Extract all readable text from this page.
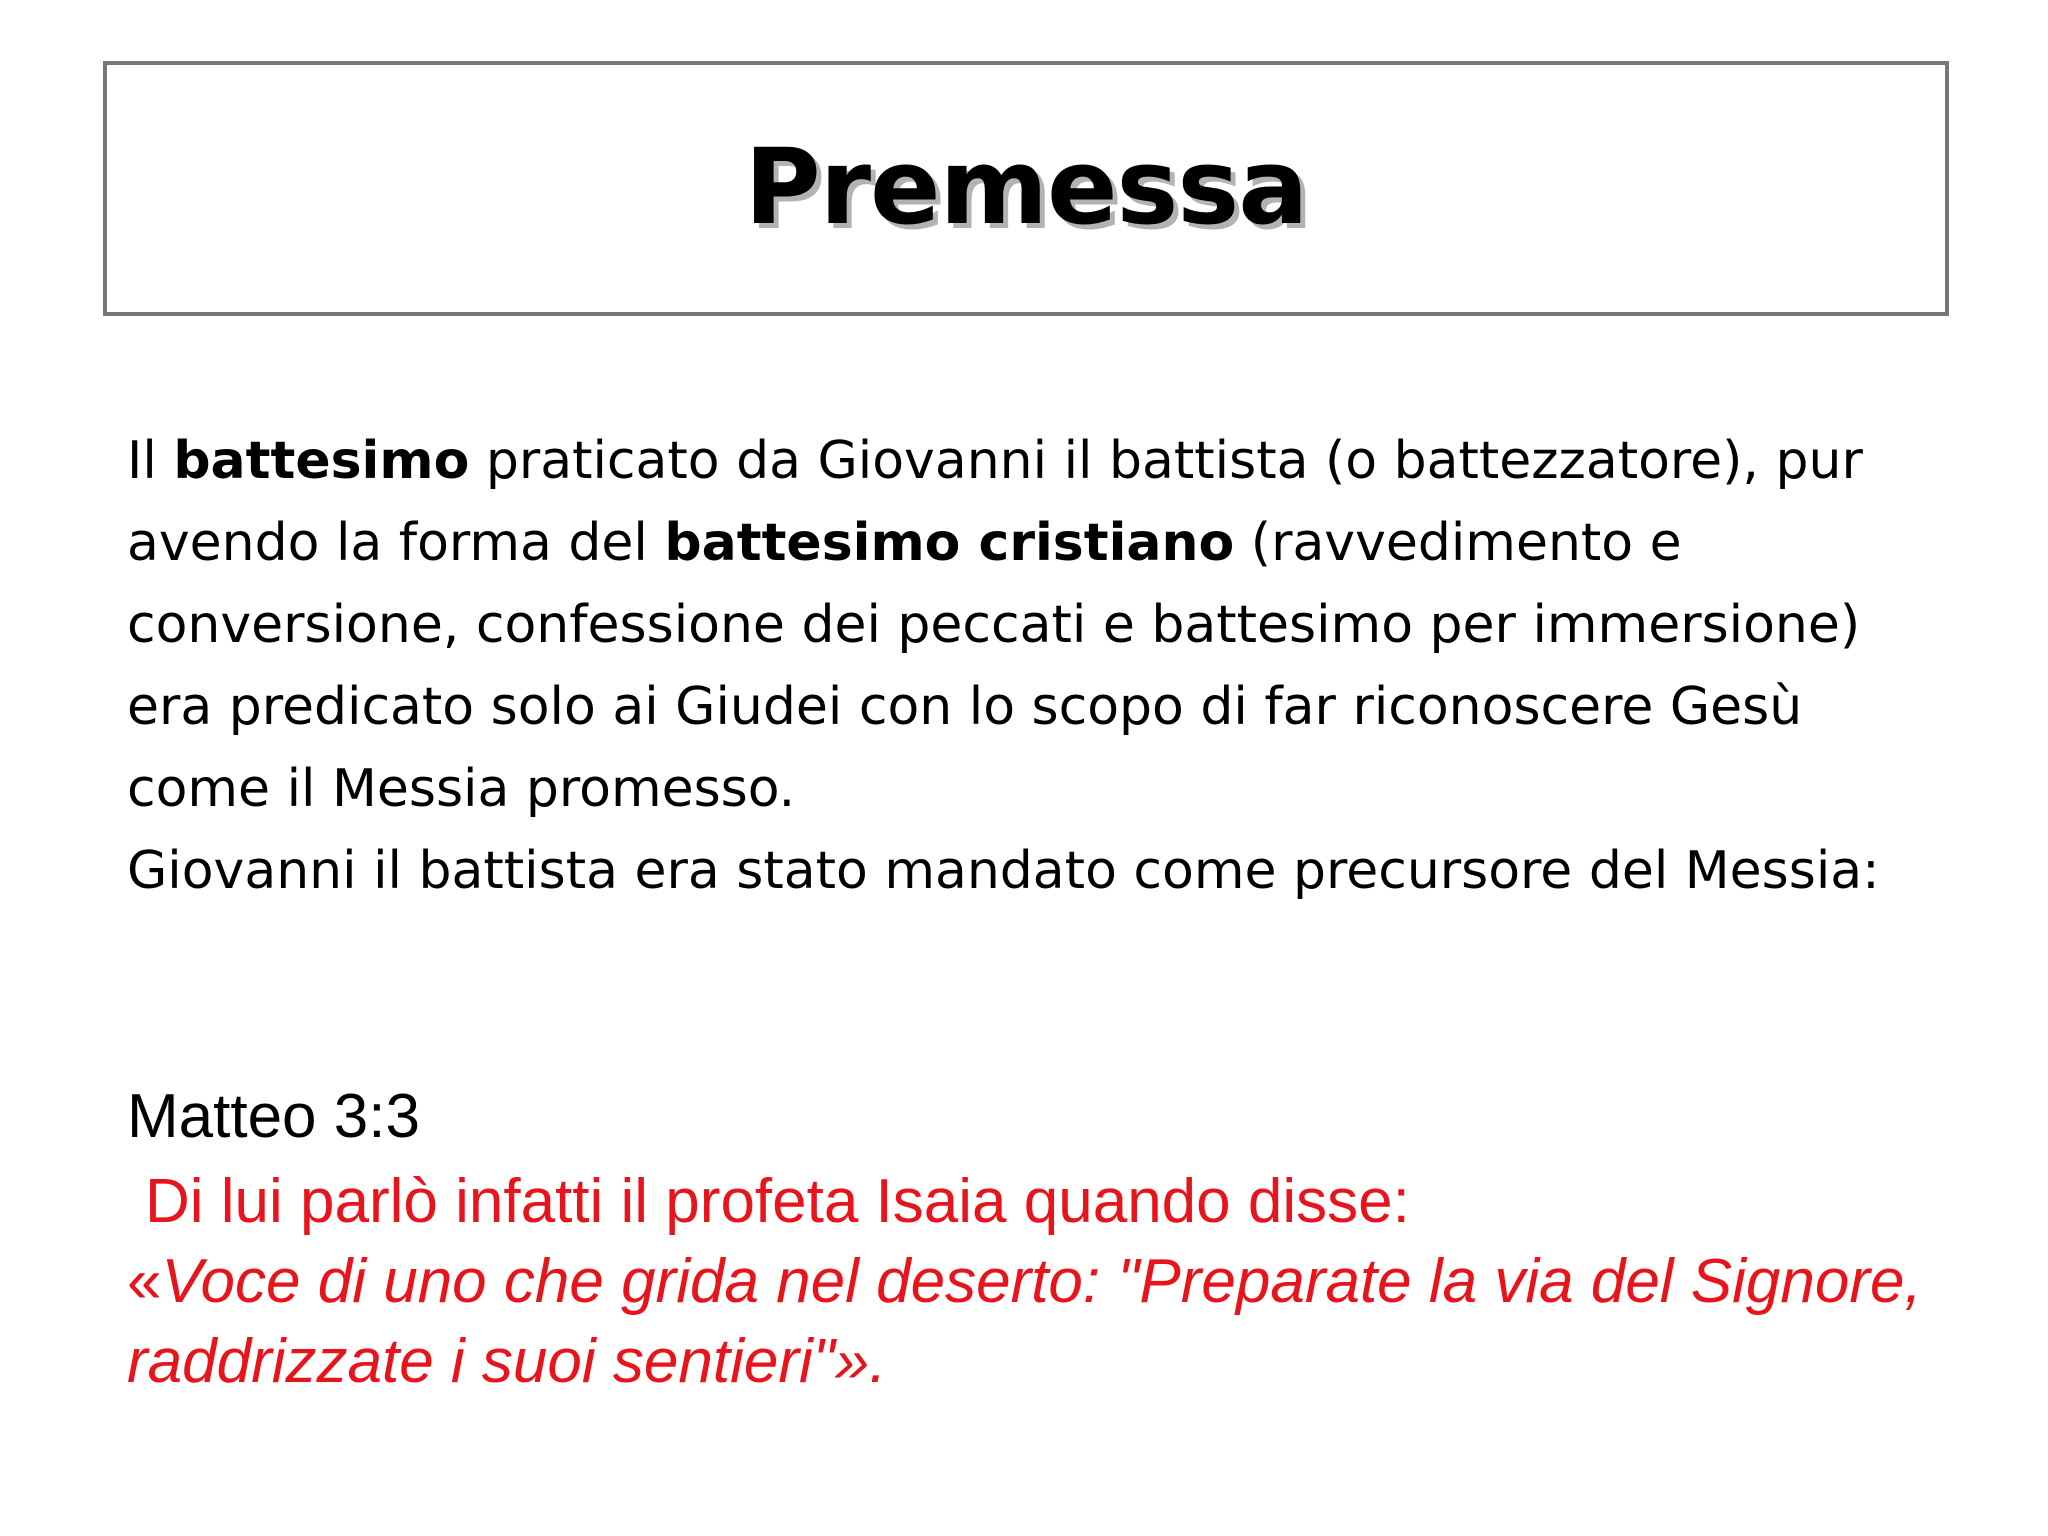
Premessa

Il battesimo praticato da Giovanni il battista (o battezzatore), pur avendo la forma del battesimo cristiano (ravvedimento e conversione, confessione dei peccati e battesimo per immersione) era predicato solo ai Giudei con lo scopo di far riconoscere Gesù come il Messia promesso.

Giovanni il battista era stato mandato come precursore del Messia:

Matteo 3:3

Di lui parlò infatti il profeta Isaia quando disse:
«Voce di uno che grida nel deserto: "Preparate la via del Signore, raddrizzate i suoi sentieri"».
